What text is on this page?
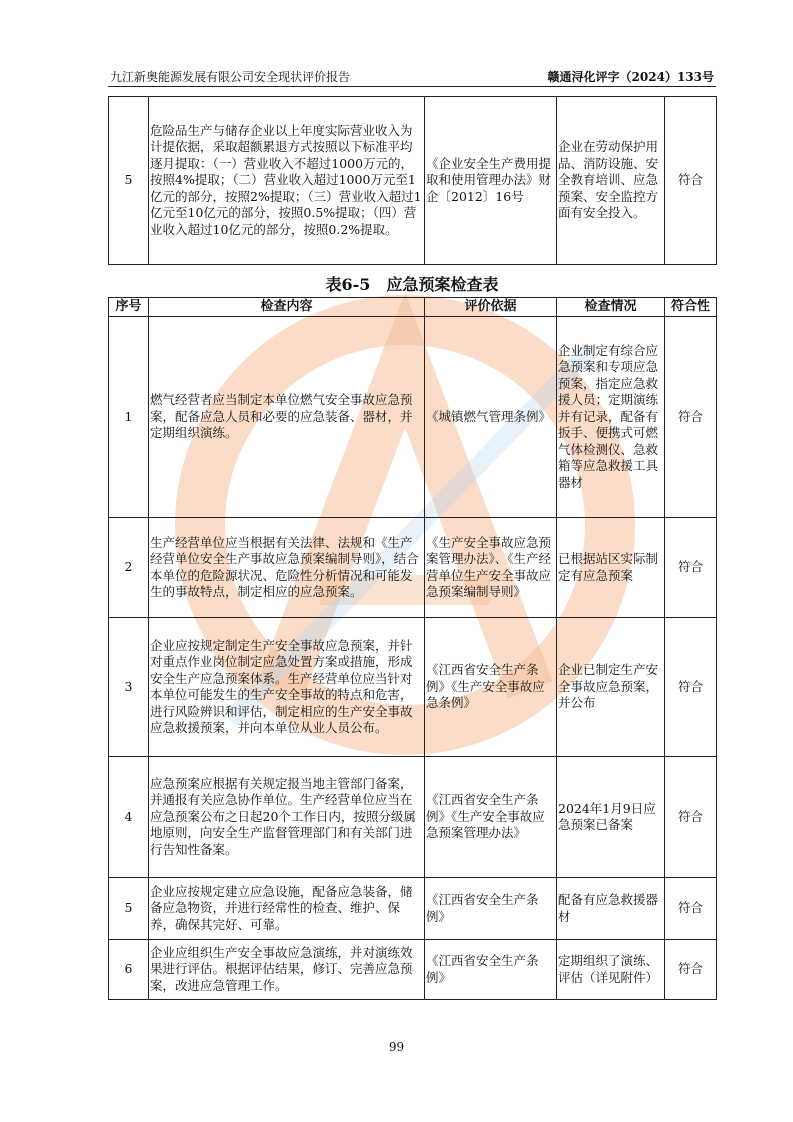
九江新奥能源发展有限公司安全现状评价报告	赣通浔化评字（2024）133号
5	危险品生产与储存企业以上年度实际营业收入为计提依据，采取超额累退方式按照以下标准平均逐月提取：（一）营业收入不超过1000万元的，按照4%提取；（二）营业收入超过1000万元至1亿元的部分，按照2%提取；（三）营业收入超过1亿元至10亿元的部分，按照0.5%提取；（四）营业收入超过10亿元的部分，按照0.2%提取。	《企业安全生产费用提取和使用管理办法》财企〔2012〕16号	企业在劳动保护用品、消防设施、安全教育培训、应急预案、安全监控方面有安全投入。	符合
表6-5　应急预案检查表
序号	检查内容	评价依据	检查情况	符合性
1	燃气经营者应当制定本单位燃气安全事故应急预案，配备应急人员和必要的应急装备、器材，并定期组织演练。	《城镇燃气管理条例》	企业制定有综合应急预案和专项应急预案，指定应急救援人员；定期演练并有记录，配备有扳手、便携式可燃气体检测仪、急救箱等应急救援工具器材	符合
2	生产经营单位应当根据有关法律、法规和《生产经营单位安全生产事故应急预案编制导则》，结合本单位的危险源状况、危险性分析情况和可能发生的事故特点，制定相应的应急预案。	《生产安全事故应急预案管理办法》、《生产经营单位生产安全事故应急预案编制导则》	已根据站区实际制定有应急预案	符合
3	企业应按规定制定生产安全事故应急预案，并针对重点作业岗位制定应急处置方案或措施，形成安全生产应急预案体系。生产经营单位应当针对本单位可能发生的生产安全事故的特点和危害，进行风险辨识和评估，制定相应的生产安全事故应急救援预案，并向本单位从业人员公布。	《江西省安全生产条例》《生产安全事故应急条例》	企业已制定生产安全事故应急预案，并公布	符合
4	应急预案应根据有关规定报当地主管部门备案，并通报有关应急协作单位。生产经营单位应当在应急预案公布之日起20个工作日内，按照分级属地原则，向安全生产监督管理部门和有关部门进行告知性备案。	《江西省安全生产条例》《生产安全事故应急预案管理办法》	2024年1月9日应急预案已备案	符合
5	企业应按规定建立应急设施，配备应急装备，储备应急物资，并进行经常性的检查、维护、保养，确保其完好、可靠。	《江西省安全生产条例》	配备有应急救援器材	符合
6	企业应组织生产安全事故应急演练，并对演练效果进行评估。根据评估结果，修订、完善应急预案，改进应急管理工作。	《江西省安全生产条例》	定期组织了演练、评估（详见附件）	符合
99
